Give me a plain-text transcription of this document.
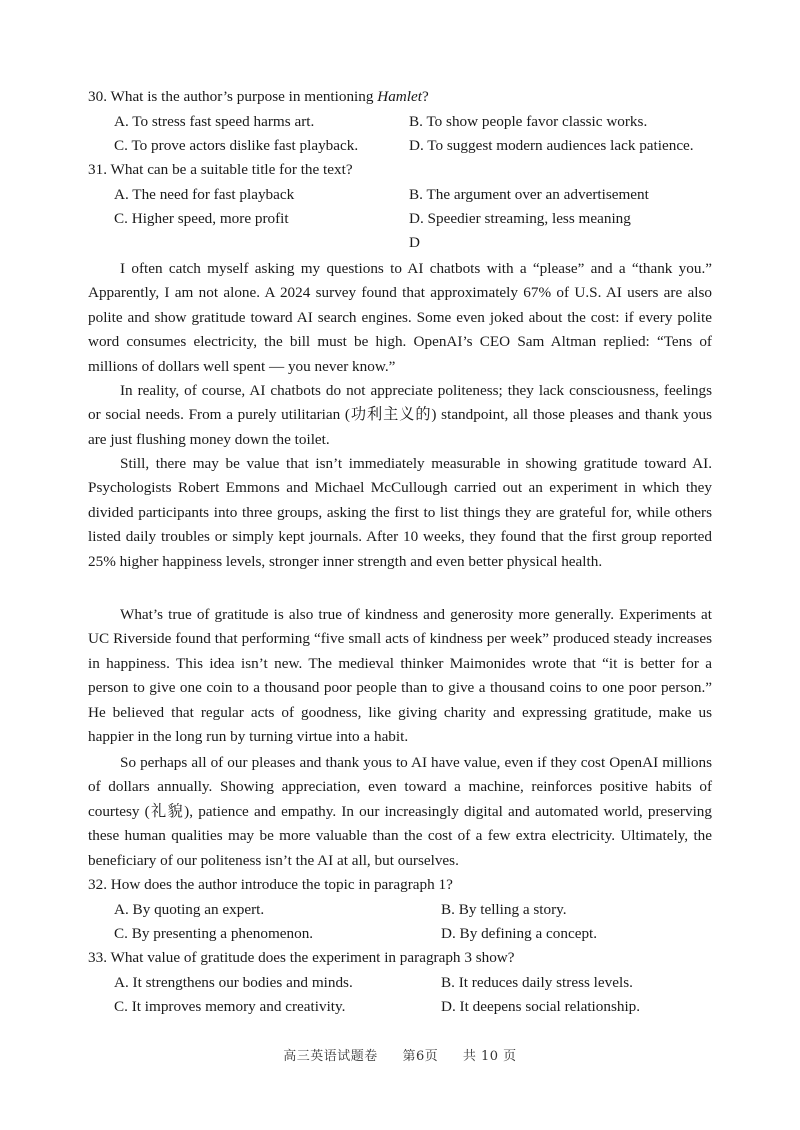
30. What is the author’s purpose in mentioning Hamlet?
A. To stress fast speed harms art.	B. To show people favor classic works.
C. To prove actors dislike fast playback.	D. To suggest modern audiences lack patience.
31. What can be a suitable title for the text?
A. The need for fast playback	B. The argument over an advertisement
C. Higher speed, more profit	D. Speedier streaming, less meaning
D
I often catch myself asking my questions to AI chatbots with a “please” and a “thank you.” Apparently, I am not alone. A 2024 survey found that approximately 67% of U.S. AI users are also polite and show gratitude toward AI search engines. Some even joked about the cost: if every polite word consumes electricity, the bill must be high. OpenAI’s CEO Sam Altman replied: “Tens of millions of dollars well spent — you never know.”
In reality, of course, AI chatbots do not appreciate politeness; they lack consciousness, feelings or social needs. From a purely utilitarian (功利主义的) standpoint, all those pleases and thank yous are just flushing money down the toilet.
Still, there may be value that isn’t immediately measurable in showing gratitude toward AI. Psychologists Robert Emmons and Michael McCullough carried out an experiment in which they divided participants into three groups, asking the first to list things they are grateful for, while others listed daily troubles or simply kept journals. After 10 weeks, they found that the first group reported 25% higher happiness levels, stronger inner strength and even better physical health.
What’s true of gratitude is also true of kindness and generosity more generally. Experiments at UC Riverside found that performing “five small acts of kindness per week” produced steady increases in happiness. This idea isn’t new. The medieval thinker Maimonides wrote that “it is better for a person to give one coin to a thousand poor people than to give a thousand coins to one poor person.” He believed that regular acts of goodness, like giving charity and expressing gratitude, make us happier in the long run by turning virtue into a habit.
So perhaps all of our pleases and thank yous to AI have value, even if they cost OpenAI millions of dollars annually. Showing appreciation, even toward a machine, reinforces positive habits of courtesy (礼貌), patience and empathy. In our increasingly digital and automated world, preserving these human qualities may be more valuable than the cost of a few extra electricity. Ultimately, the beneficiary of our politeness isn’t the AI at all, but ourselves.
32. How does the author introduce the topic in paragraph 1?
A. By quoting an expert.	B. By telling a story.
C. By presenting a phenomenon.	D. By defining a concept.
33. What value of gratitude does the experiment in paragraph 3 show?
A. It strengthens our bodies and minds.	B. It reduces daily stress levels.
C. It improves memory and creativity.	D. It deepens social relationship.
高三英语试题卷 第6页 共 10 页
